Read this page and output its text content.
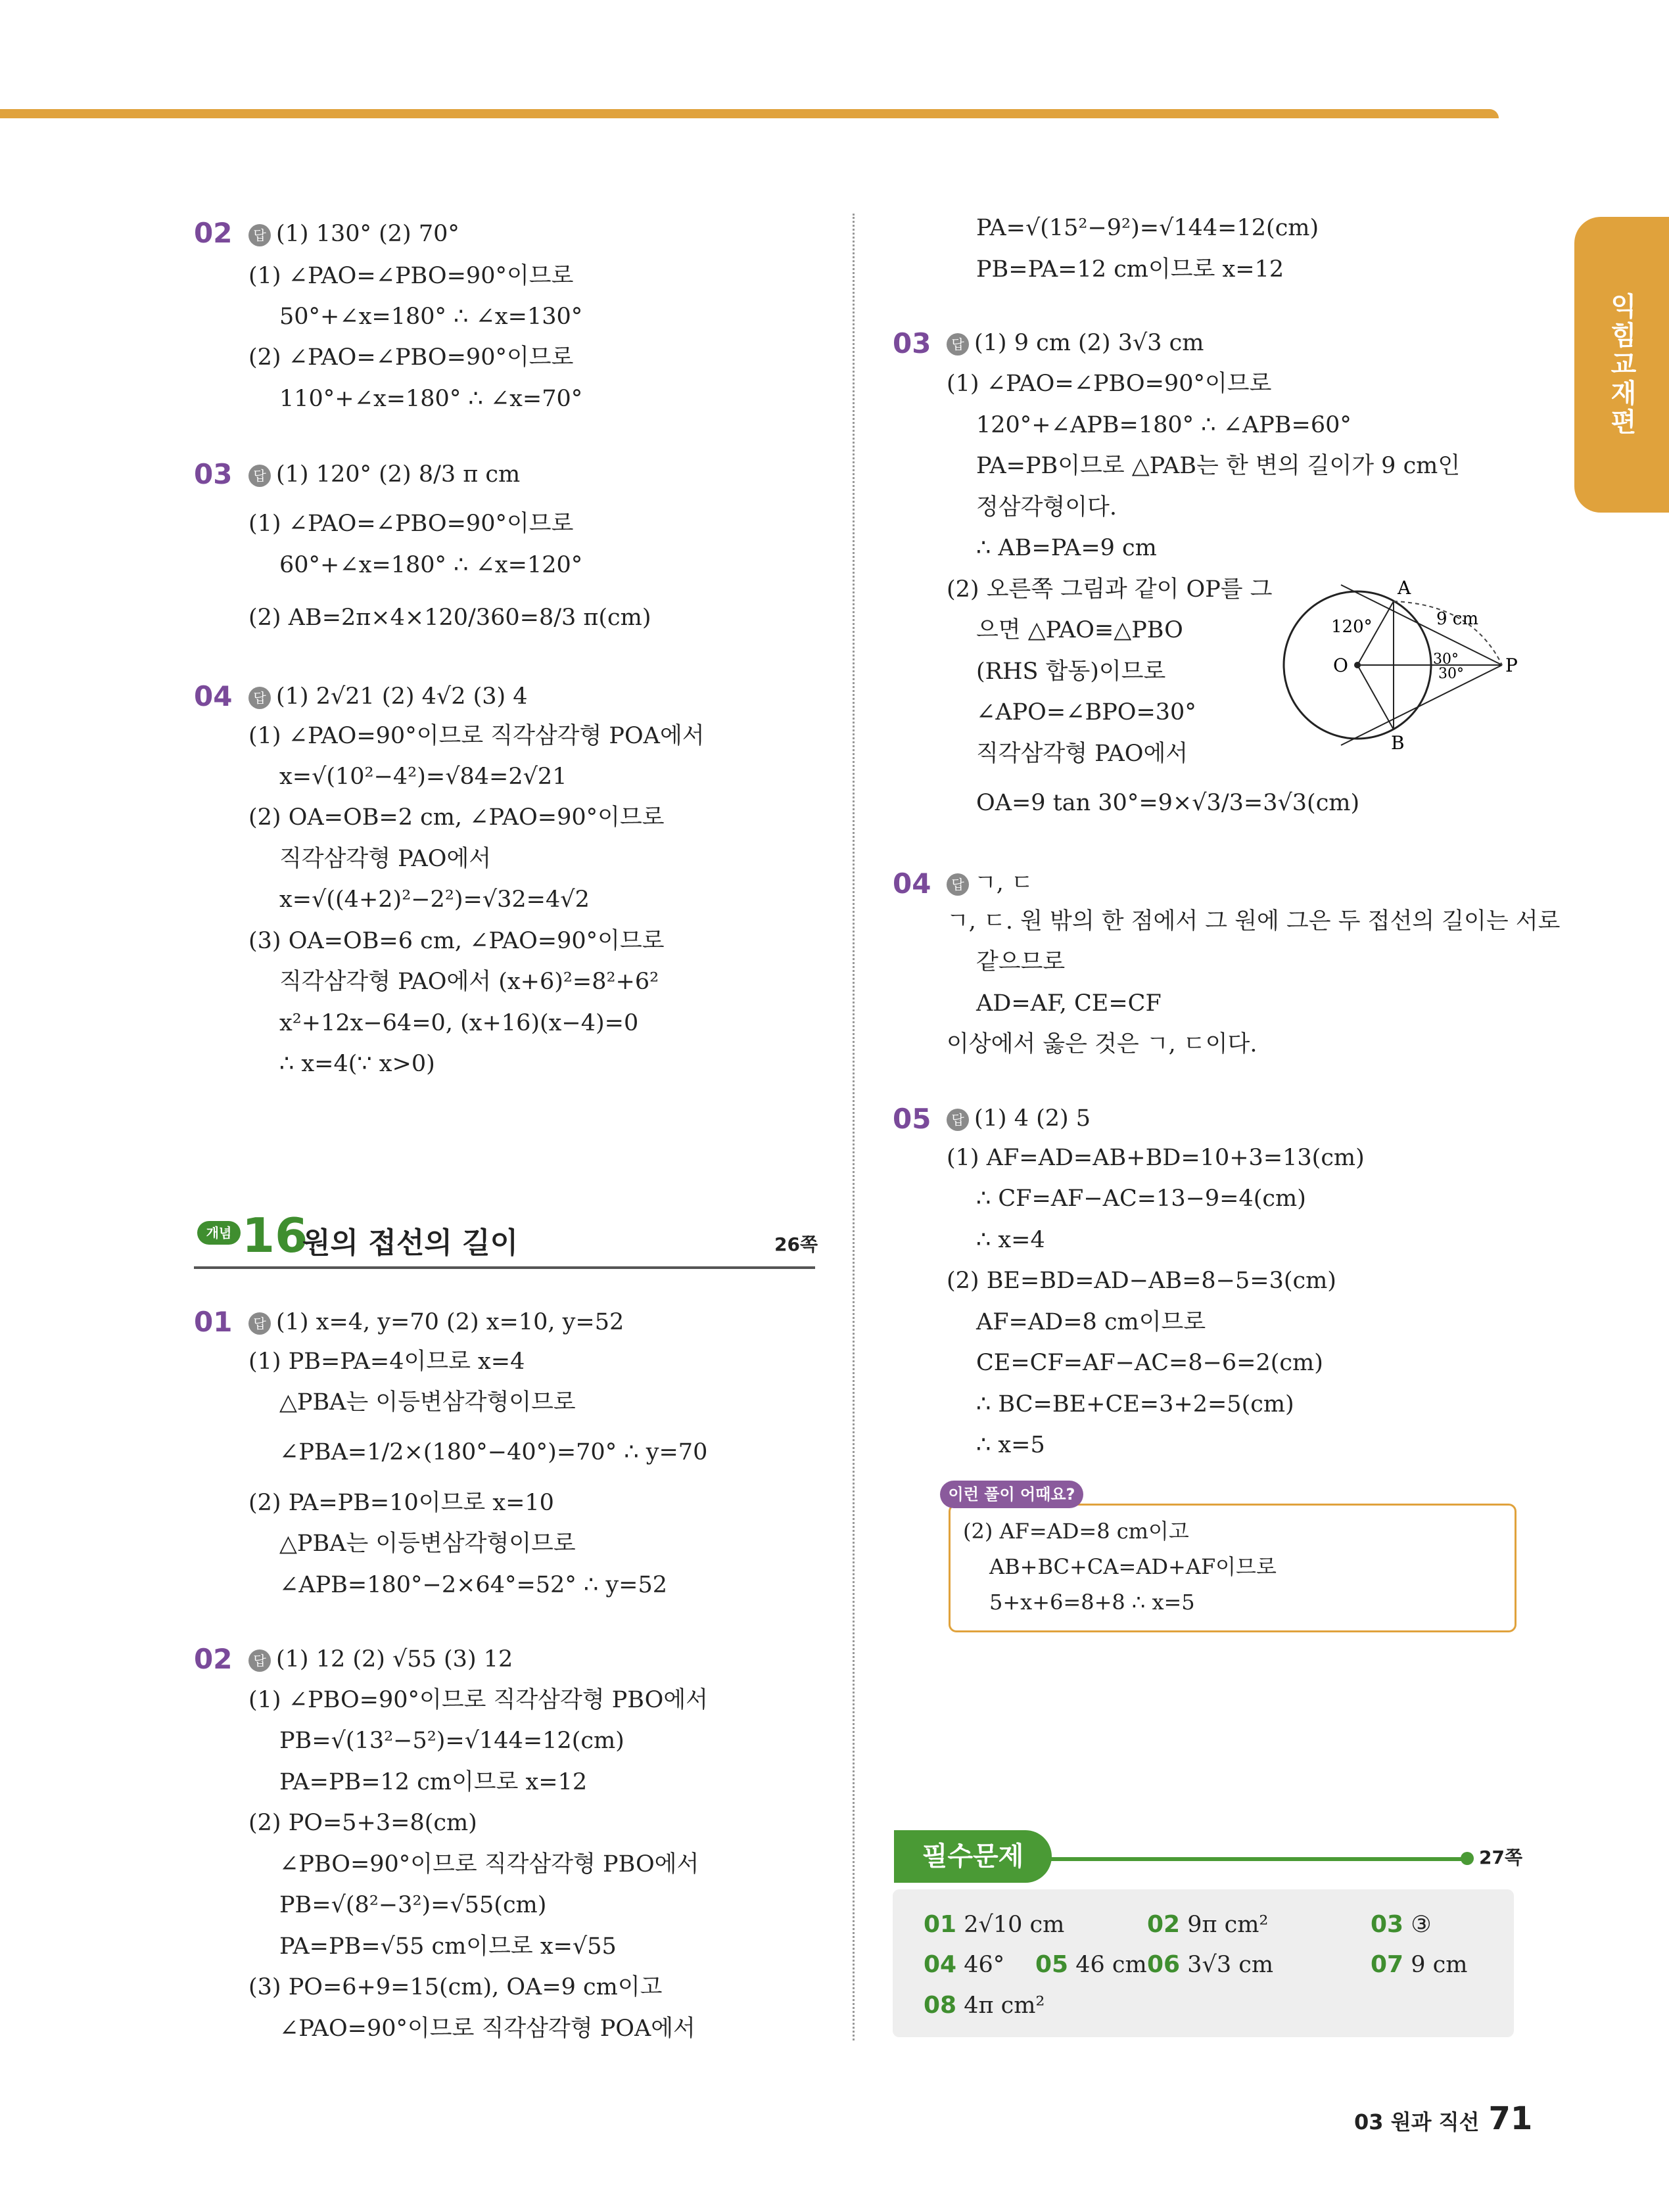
익힘교재편
02	답 (1) 130° (2) 70°
(1) ∠PAO=∠PBO=90°이므로
50°+∠x=180° ∴ ∠x=130°
(2) ∠PAO=∠PBO=90°이므로
110°+∠x=180° ∴ ∠x=70°
03	답 (1) 120° (2) 8/3 π cm
(1) ∠PAO=∠PBO=90°이므로
60°+∠x=180° ∴ ∠x=120°
(2) AB=2π×4×120/360=8/3 π(cm)
04	답 (1) 2√21 (2) 4√2 (3) 4
(1) ∠PAO=90°이므로 직각삼각형 POA에서
x=√(10²−4²)=√84=2√21
(2) OA=OB=2 cm, ∠PAO=90°이므로
직각삼각형 PAO에서
x=√((4+2)²−2²)=√32=4√2
(3) OA=OB=6 cm, ∠PAO=90°이므로
직각삼각형 PAO에서 (x+6)²=8²+6²
x²+12x−64=0, (x+16)(x−4)=0
∴ x=4(∵ x>0)
개념 16
원의 접선의 길이	26쪽
01	답 (1) x=4, y=70 (2) x=10, y=52
(1) PB=PA=4이므로 x=4
△PBA는 이등변삼각형이므로
∠PBA=1/2×(180°−40°)=70° ∴ y=70
(2) PA=PB=10이므로 x=10
△PBA는 이등변삼각형이므로
∠APB=180°−2×64°=52° ∴ y=52
02	답 (1) 12 (2) √55 (3) 12
(1) ∠PBO=90°이므로 직각삼각형 PBO에서
PB=√(13²−5²)=√144=12(cm)
PA=PB=12 cm이므로 x=12
(2) PO=5+3=8(cm)
∠PBO=90°이므로 직각삼각형 PBO에서
PB=√(8²−3²)=√55(cm)
PA=PB=√55 cm이므로 x=√55
(3) PO=6+9=15(cm), OA=9 cm이고
∠PAO=90°이므로 직각삼각형 POA에서
PA=√(15²−9²)=√144=12(cm)
PB=PA=12 cm이므로 x=12
03	답 (1) 9 cm (2) 3√3 cm
(1) ∠PAO=∠PBO=90°이므로
120°+∠APB=180° ∴ ∠APB=60°
PA=PB이므로 △PAB는 한 변의 길이가 9 cm인
정삼각형이다.
∴ AB=PA=9 cm
(2) 오른쪽 그림과 같이 OP를 그
으면 △PAO≡△PBO
(RHS 합동)이므로
∠APO=∠BPO=30°
직각삼각형 PAO에서
OA=9 tan 30°=9×√3/3=3√3(cm)
120°
A
B
O	P
9 cm
30°
30°
04	답 ㄱ, ㄷ
ㄱ, ㄷ. 원 밖의 한 점에서 그 원에 그은 두 접선의 길이는 서로
같으므로
AD=AF, CE=CF
이상에서 옳은 것은 ㄱ, ㄷ이다.
05	답 (1) 4 (2) 5
(1) AF=AD=AB+BD=10+3=13(cm)
∴ CF=AF−AC=13−9=4(cm)
∴ x=4
(2) BE=BD=AD−AB=8−5=3(cm)
AF=AD=8 cm이므로
CE=CF=AF−AC=8−6=2(cm)
∴ BC=BE+CE=3+2=5(cm)
∴ x=5
이런 풀이 어때요?
(2) AF=AD=8 cm이고
AB+BC+CA=AD+AF이므로
5+x+6=8+8 ∴ x=5
필수문제	27쪽
01 2√10 cm	02 9π cm²	03 ③
04 46° 05 46 cm 06 3√3 cm	07 9 cm
08 4π cm²
03 원과 직선 71
